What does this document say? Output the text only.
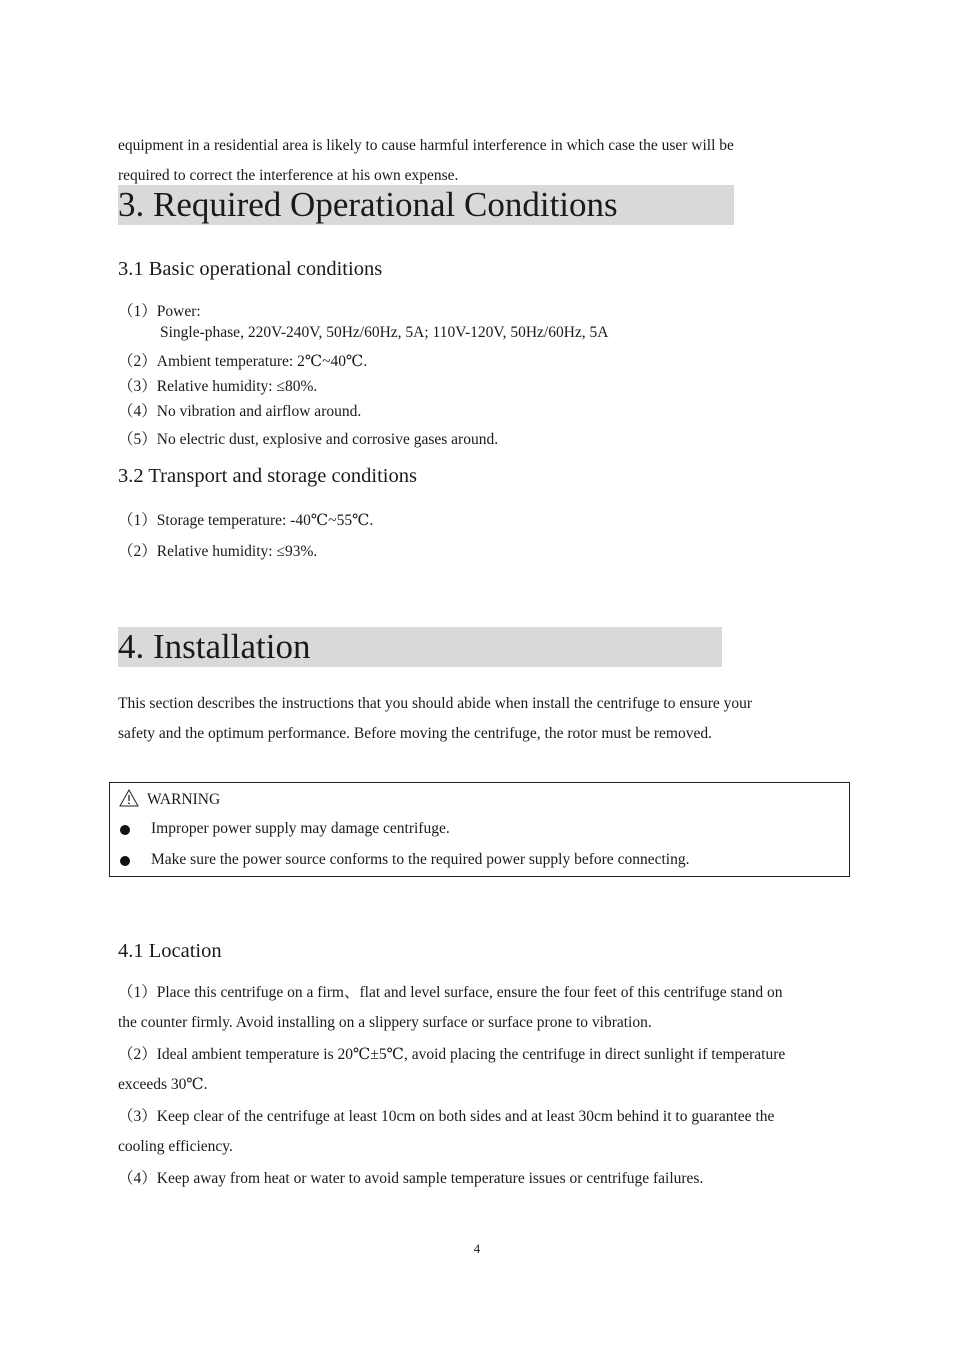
equipment in a residential area is likely to cause harmful interference in which case the user will be
required to correct the interference at his own expense.
3. Required Operational Conditions
3.1 Basic operational conditions
（1）Power:
Single-phase, 220V-240V, 50Hz/60Hz, 5A; 110V-120V, 50Hz/60Hz, 5A
（2）Ambient temperature: 2℃~40℃.
（3）Relative humidity: ≤80%.
（4）No vibration and airflow around.
（5）No electric dust, explosive and corrosive gases around.
3.2 Transport and storage conditions
（1）Storage temperature: -40℃~55℃.
（2）Relative humidity: ≤93%.
4. Installation
This section describes the instructions that you should abide when install the centrifuge to ensure your
safety and the optimum performance. Before moving the centrifuge, the rotor must be removed.
WARNING
Improper power supply may damage centrifuge.
Make sure the power source conforms to the required power supply before connecting.
4.1 Location
（1）Place this centrifuge on a firm、flat and level surface, ensure the four feet of this centrifuge stand on
the counter firmly. Avoid installing on a slippery surface or surface prone to vibration.
（2）Ideal ambient temperature is 20℃±5℃, avoid placing the centrifuge in direct sunlight if temperature
exceeds 30℃.
（3）Keep clear of the centrifuge at least 10cm on both sides and at least 30cm behind it to guarantee the
cooling efficiency.
（4）Keep away from heat or water to avoid sample temperature issues or centrifuge failures.
4
